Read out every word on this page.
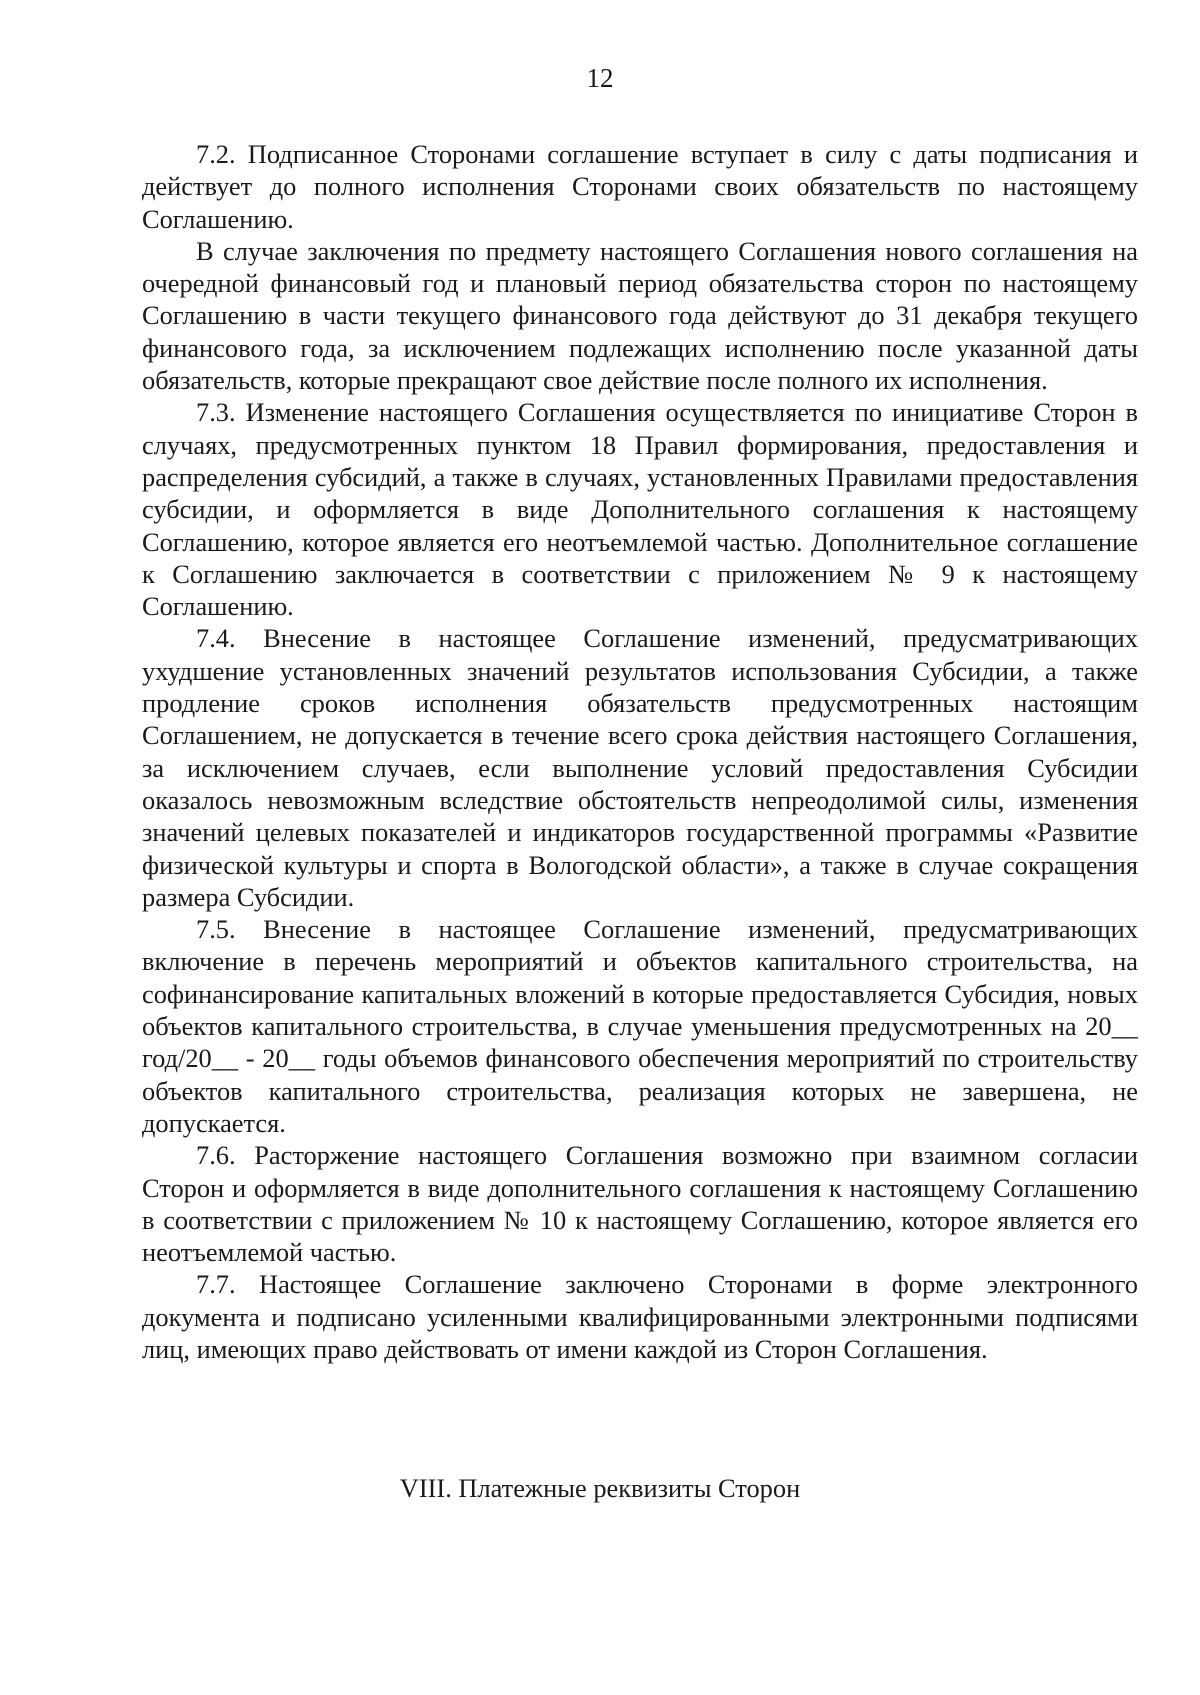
12

7.2. Подписанное Сторонами соглашение вступает в силу с даты подписания и действует до полного исполнения Сторонами своих обязательств по настоящему Соглашению.

В случае заключения по предмету настоящего Соглашения нового соглашения на очередной финансовый год и плановый период обязательства сторон по настоящему Соглашению в части текущего финансового года действуют до 31 декабря текущего финансового года, за исключением подлежащих исполнению после указанной даты обязательств, которые прекращают свое действие после полного их исполнения.

7.3. Изменение настоящего Соглашения осуществляется по инициативе Сторон в случаях, предусмотренных пунктом 18 Правил формирования, предоставления и распределения субсидий, а также в случаях, установленных Правилами предоставления субсидии, и оформляется в виде Дополнительного соглашения к настоящему Соглашению, которое является его неотъемлемой частью. Дополнительное соглашение к Соглашению заключается в соответствии с приложением № 9 к настоящему Соглашению.

7.4. Внесение в настоящее Соглашение изменений, предусматривающих ухудшение установленных значений результатов использования Субсидии, а также продление сроков исполнения обязательств предусмотренных настоящим Соглашением, не допускается в течение всего срока действия настоящего Соглашения, за исключением случаев, если выполнение условий предоставления Субсидии оказалось невозможным вследствие обстоятельств непреодолимой силы, изменения значений целевых показателей и индикаторов государственной программы «Развитие физической культуры и спорта в Вологодской области», а также в случае сокращения размера Субсидии.

7.5. Внесение в настоящее Соглашение изменений, предусматривающих включение в перечень мероприятий и объектов капитального строительства, на софинансирование капитальных вложений в которые предоставляется Субсидия, новых объектов капитального строительства, в случае уменьшения предусмотренных на 20__ год/20__ - 20__ годы объемов финансового обеспечения мероприятий по строительству объектов капитального строительства, реализация которых не завершена, не допускается.

7.6. Расторжение настоящего Соглашения возможно при взаимном согласии Сторон и оформляется в виде дополнительного соглашения к настоящему Соглашению в соответствии с приложением № 10 к настоящему Соглашению, которое является его неотъемлемой частью.

7.7. Настоящее Соглашение заключено Сторонами в форме электронного документа и подписано усиленными квалифицированными электронными подписями лиц, имеющих право действовать от имени каждой из Сторон Соглашения.

VIII. Платежные реквизиты Сторон
